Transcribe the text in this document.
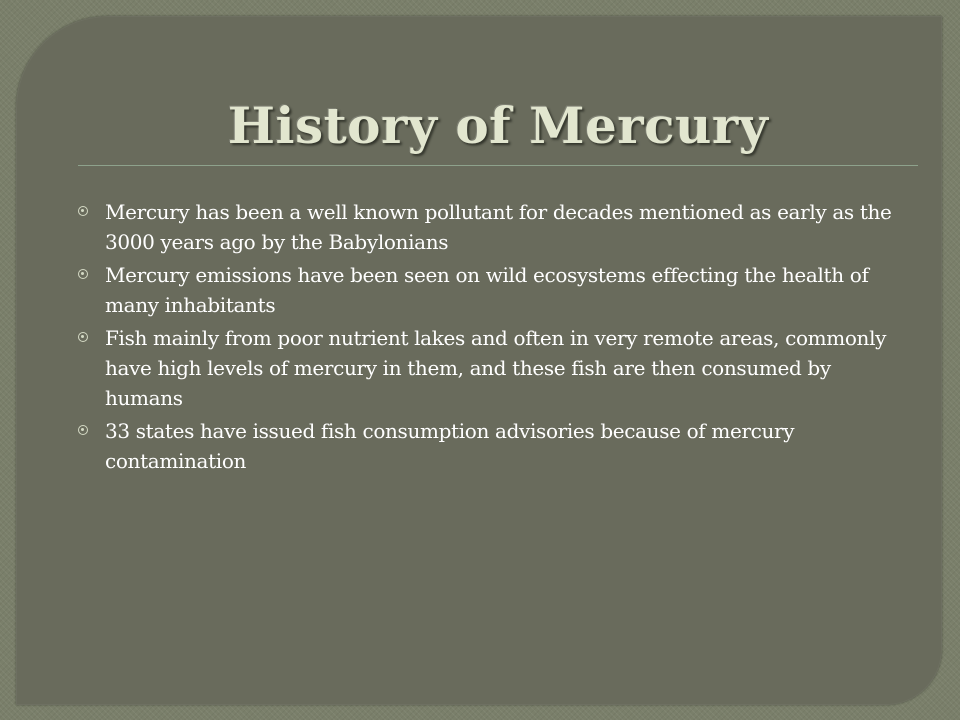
History of Mercury
Mercury has been a well known pollutant for decades mentioned as early as the 3000 years ago by the Babylonians
Mercury emissions have been seen on wild ecosystems effecting the health of many inhabitants
Fish mainly from poor nutrient lakes and often in very remote areas, commonly have high levels of mercury in them, and these fish are then consumed by humans
33 states have issued fish consumption advisories because of mercury contamination
